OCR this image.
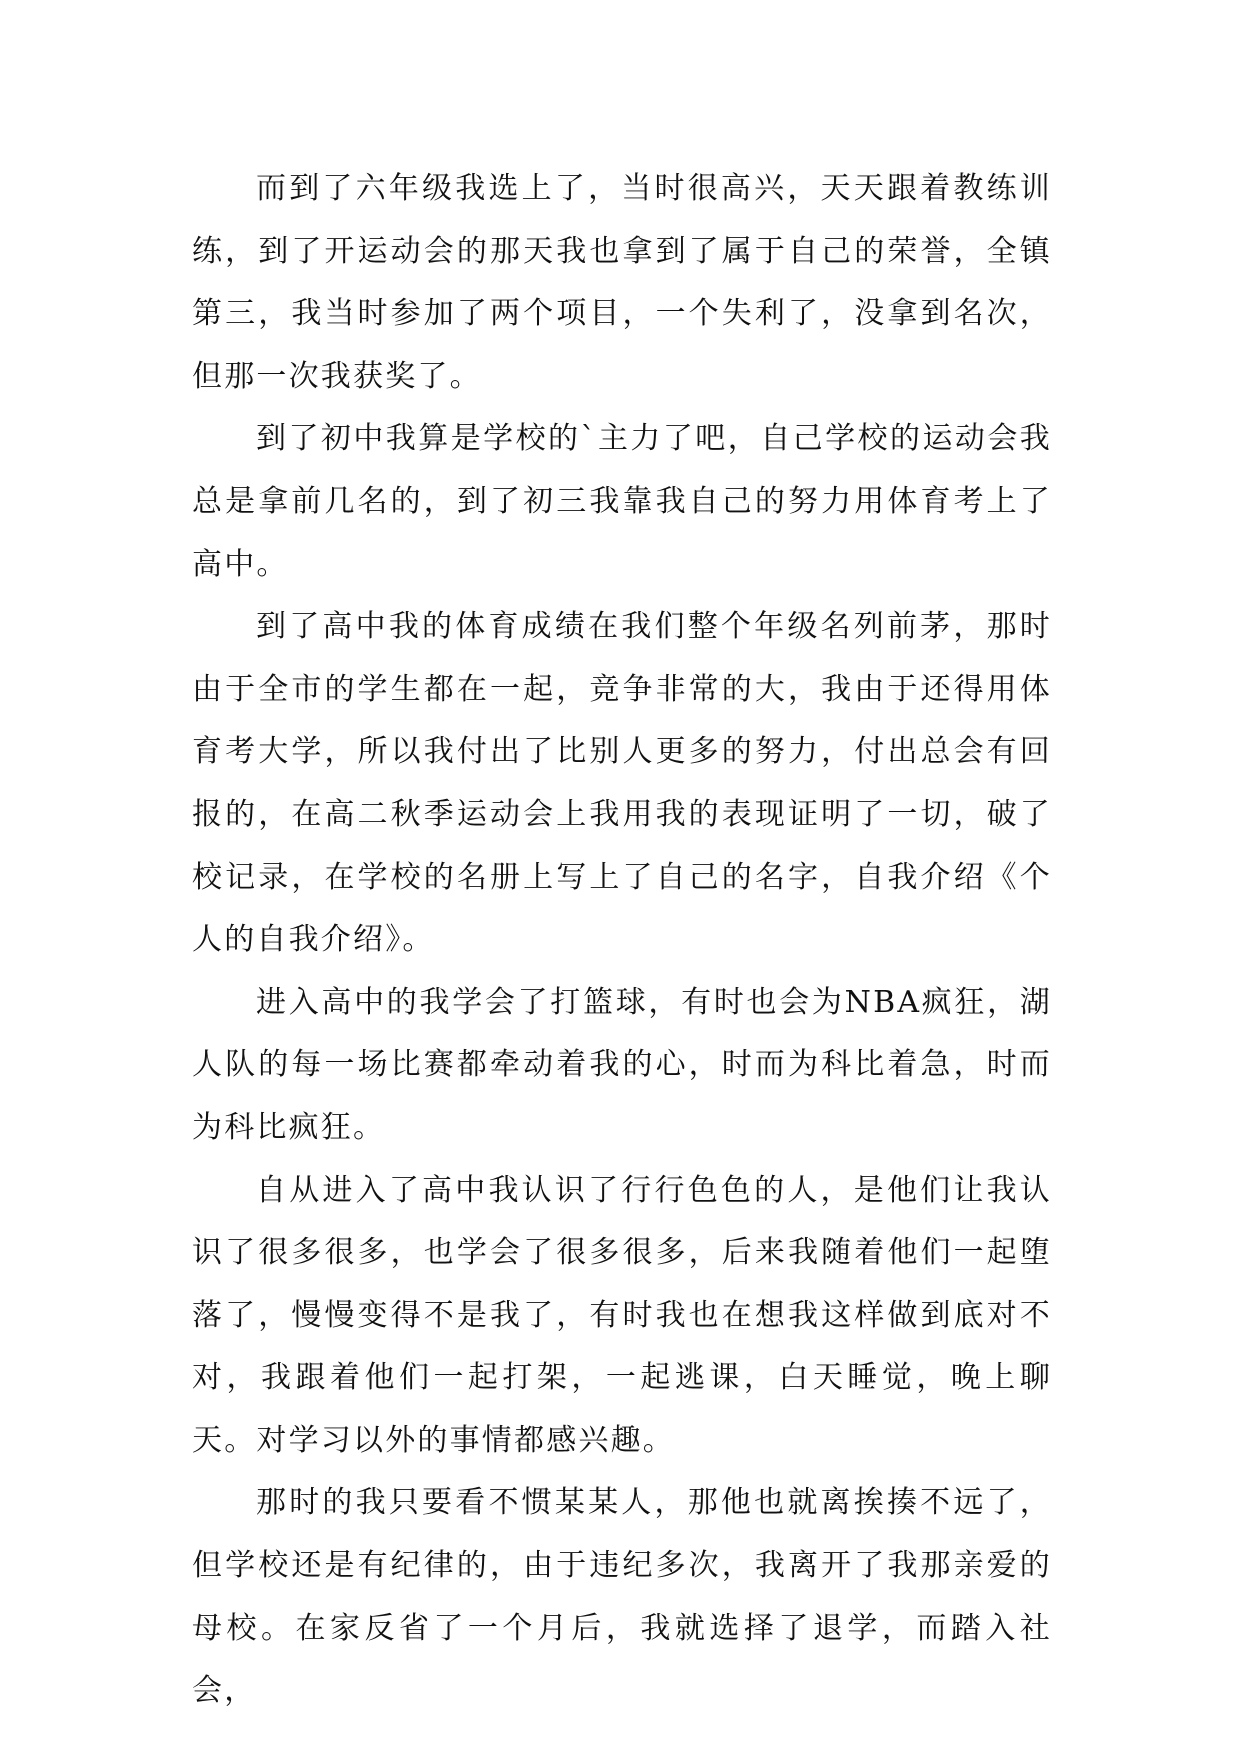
而到了六年级我选上了，当时很高兴，天天跟着教练训练，到了开运动会的那天我也拿到了属于自己的荣誉，全镇第三，我当时参加了两个项目，一个失利了，没拿到名次，但那一次我获奖了。

到了初中我算是学校的`主力了吧，自己学校的运动会我总是拿前几名的，到了初三我靠我自己的努力用体育考上了高中。

到了高中我的体育成绩在我们整个年级名列前茅，那时由于全市的学生都在一起，竞争非常的大，我由于还得用体育考大学，所以我付出了比别人更多的努力，付出总会有回报的，在高二秋季运动会上我用我的表现证明了一切，破了校记录，在学校的名册上写上了自己的名字，自我介绍《个人的自我介绍》。

进入高中的我学会了打篮球，有时也会为NBA疯狂，湖人队的每一场比赛都牵动着我的心，时而为科比着急，时而为科比疯狂。

自从进入了高中我认识了行行色色的人，是他们让我认识了很多很多，也学会了很多很多，后来我随着他们一起堕落了，慢慢变得不是我了，有时我也在想我这样做到底对不对，我跟着他们一起打架，一起逃课，白天睡觉，晚上聊天。对学习以外的事情都感兴趣。

那时的我只要看不惯某某人，那他也就离挨揍不远了，但学校还是有纪律的，由于违纪多次，我离开了我那亲爱的母校。在家反省了一个月后，我就选择了退学，而踏入社会，
